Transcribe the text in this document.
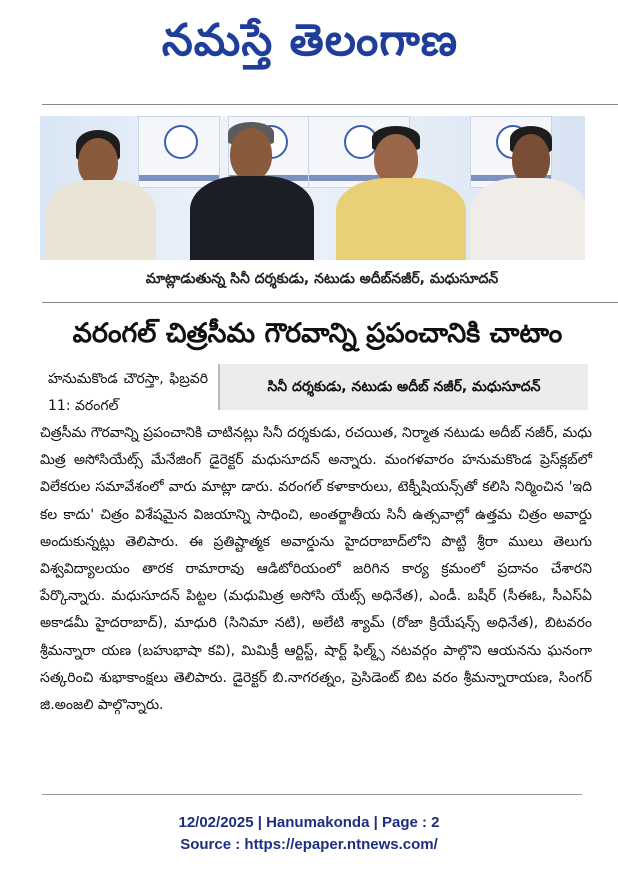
నమస్తే తెలంగాణ
మాట్లాడుతున్న సినీ దర్శకుడు, నటుడు అదీబ్‌నజీర్, మధుసూదన్
వరంగల్ చిత్రసీమ గౌరవాన్ని ప్రపంచానికి చాటాం
హనుమకొండ చౌరస్తా, ఫిబ్రవరి 11: వరంగల్
సినీ దర్శకుడు, నటుడు అదీబ్ నజీర్, మధుసూదన్
చిత్రసీమ గౌరవాన్ని ప్రపంచానికి చాటినట్లు సినీ దర్శకుడు, రచయిత, నిర్మాత నటుడు అదీబ్ నజీర్, మధు మిత్ర అసోసియేట్స్ మేనేజింగ్ డైరెక్టర్ మధుసూదన్ అన్నారు. మంగళవారం హనుమకొండ ప్రెస్‌క్లబ్‌లో విలేకరుల సమావేశంలో వారు మాట్లా డారు. వరంగల్ కళాకారులు, టెక్నీషియన్స్‌తో కలిసి నిర్మించిన 'ఇది కల కాదు' చిత్రం విశేషమైన విజయాన్ని సాధించి, అంతర్జాతీయ సినీ ఉత్సవాల్లో ఉత్తమ చిత్రం అవార్డు అందుకున్నట్లు తెలిపారు. ఈ ప్రతిష్టాత్మక అవార్డును హైదరాబాద్‌లోని పొట్టి శ్రీరా ములు తెలుగు విశ్వవిద్యాలయం తారక రామారావు ఆడిటోరియంలో జరిగిన కార్య క్రమంలో ప్రదానం చేశారని పేర్కొన్నారు. మధుసూదన్ పిట్టల (మధుమిత్ర అసోసి యేట్స్ అధినేత), ఎండీ. బషీర్ (సీఈఓ, సీఎస్ఏ అకాడమీ హైదరాబాద్), మాధురి (సినిమా నటి), అలేటి శ్యామ్ (రోజా క్రియేషన్స్ అధినేత), బిటవరం శ్రీమన్నారా యణ (బహుభాషా కవి), మిమిక్రీ ఆర్టిస్ట్, షార్ట్ ఫిల్మ్స్ నటవర్గం పాల్గొని ఆయనను ఘనంగా సత్కరించి శుభాకాంక్షలు తెలిపారు. డైరెక్టర్ బి.నాగరత్నం, ప్రెసిడెంట్ బిట వరం శ్రీమన్నారాయణ, సింగర్ జి.అంజలి పాల్గొన్నారు.
12/02/2025 | Hanumakonda | Page : 2
Source : https://epaper.ntnews.com/
